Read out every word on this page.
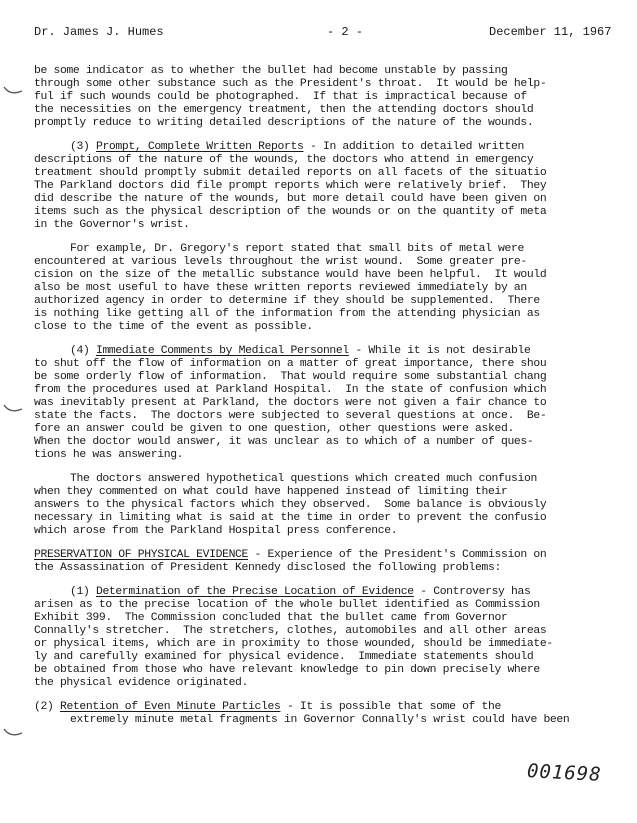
Dr. James J. Humes	- 2 -	December 11, 1967
be some indicator as to whether the bullet had become unstable by passing
through some other substance such as the President's throat.  It would be help-
ful if such wounds could be photographed.  If that is impractical because of
the necessities on the emergency treatment, then the attending doctors should
promptly reduce to writing detailed descriptions of the nature of the wounds.
(3) Prompt, Complete Written Reports - In addition to detailed written
descriptions of the nature of the wounds, the doctors who attend in emergency
treatment should promptly submit detailed reports on all facets of the situatio
The Parkland doctors did file prompt reports which were relatively brief.  They
did describe the nature of the wounds, but more detail could have been given on
items such as the physical description of the wounds or on the quantity of meta
in the Governor's wrist.
For example, Dr. Gregory's report stated that small bits of metal were
encountered at various levels throughout the wrist wound.  Some greater pre-
cision on the size of the metallic substance would have been helpful.  It would
also be most useful to have these written reports reviewed immediately by an
authorized agency in order to determine if they should be supplemented.  There
is nothing like getting all of the information from the attending physician as
close to the time of the event as possible.
(4) Immediate Comments by Medical Personnel - While it is not desirable
to shut off the flow of information on a matter of great importance, there shou
be some orderly flow of information.  That would require some substantial chang
from the procedures used at Parkland Hospital.  In the state of confusion which
was inevitably present at Parkland, the doctors were not given a fair chance to
state the facts.  The doctors were subjected to several questions at once.  Be-
fore an answer could be given to one question, other questions were asked.
When the doctor would answer, it was unclear as to which of a number of ques-
tions he was answering.
The doctors answered hypothetical questions which created much confusion
when they commented on what could have happened instead of limiting their
answers to the physical factors which they observed.  Some balance is obviously
necessary in limiting what is said at the time in order to prevent the confusio
which arose from the Parkland Hospital press conference.
PRESERVATION OF PHYSICAL EVIDENCE - Experience of the President's Commission on
the Assassination of President Kennedy disclosed the following problems:
(1) Determination of the Precise Location of Evidence - Controversy has
arisen as to the precise location of the whole bullet identified as Commission
Exhibit 399.  The Commission concluded that the bullet came from Governor
Connally's stretcher.  The stretchers, clothes, automobiles and all other areas
or physical items, which are in proximity to those wounded, should be immediate-
ly and carefully examined for physical evidence.  Immediate statements should
be obtained from those who have relevant knowledge to pin down precisely where
the physical evidence originated.
(2) Retention of Even Minute Particles - It is possible that some of the
extremely minute metal fragments in Governor Connally's wrist could have been
001698
